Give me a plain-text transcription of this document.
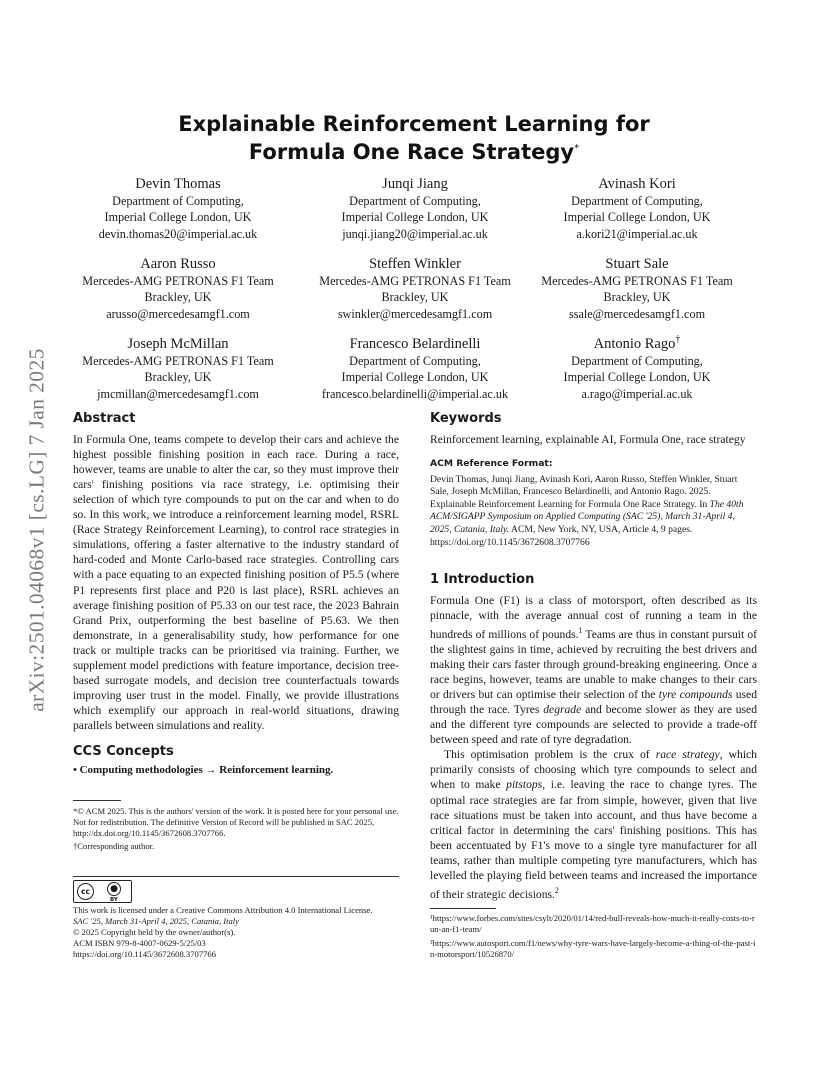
arXiv:2501.04068v1 [cs.LG] 7 Jan 2025
Explainable Reinforcement Learning for
Formula One Race Strategy*
Devin Thomas
Department of Computing,
Imperial College London, UK
devin.thomas20@imperial.ac.uk
Junqi Jiang
Department of Computing,
Imperial College London, UK
junqi.jiang20@imperial.ac.uk
Avinash Kori
Department of Computing,
Imperial College London, UK
a.kori21@imperial.ac.uk
Aaron Russo
Mercedes-AMG PETRONAS F1 Team
Brackley, UK
arusso@mercedesamgf1.com
Steffen Winkler
Mercedes-AMG PETRONAS F1 Team
Brackley, UK
swinkler@mercedesamgf1.com
Stuart Sale
Mercedes-AMG PETRONAS F1 Team
Brackley, UK
ssale@mercedesamgf1.com
Joseph McMillan
Mercedes-AMG PETRONAS F1 Team
Brackley, UK
jmcmillan@mercedesamgf1.com
Francesco Belardinelli
Department of Computing,
Imperial College London, UK
francesco.belardinelli@imperial.ac.uk
Antonio Rago†
Department of Computing,
Imperial College London, UK
a.rago@imperial.ac.uk
Abstract

In Formula One, teams compete to develop their cars and achieve the highest possible finishing position in each race. During a race, however, teams are unable to alter the car, so they must improve their cars' finishing positions via race strategy, i.e. optimising their selection of which tyre compounds to put on the car and when to do so. In this work, we introduce a reinforcement learning model, RSRL (Race Strategy Reinforcement Learning), to control race strategies in simulations, offering a faster alternative to the industry standard of hard-coded and Monte Carlo-based race strategies. Controlling cars with a pace equating to an expected finishing position of P5.5 (where P1 represents first place and P20 is last place), RSRL achieves an average finishing position of P5.33 on our test race, the 2023 Bahrain Grand Prix, outperforming the best baseline of P5.63. We then demonstrate, in a generalisability study, how performance for one track or multiple tracks can be prioritised via training. Further, we supplement model predictions with feature importance, decision tree-based surrogate models, and decision tree counterfactuals towards improving user trust in the model. Finally, we provide illustrations which exemplify our approach in real-world situations, drawing parallels between simulations and reality.

CCS Concepts

• Computing methodologies → Reinforcement learning.

*© ACM 2025. This is the authors' version of the work. It is posted here for your personal use. Not for redistribution. The definitive Version of Record will be published in SAC 2025, http://dx.doi.org/10.1145/3672608.3707766.

†Corresponding author.

cc	●
BY

This work is licensed under a Creative Commons Attribution 4.0 International License.

SAC '25, March 31-April 4, 2025, Catania, Italy

© 2025 Copyright held by the owner/author(s).

ACM ISBN 979-8-4007-0629-5/25/03

https://doi.org/10.1145/3672608.3707766

Keywords

Reinforcement learning, explainable AI, Formula One, race strategy

ACM Reference Format:

Devin Thomas, Junqi Jiang, Avinash Kori, Aaron Russo, Steffen Winkler, Stuart Sale, Joseph McMillan, Francesco Belardinelli, and Antonio Rago. 2025. Explainable Reinforcement Learning for Formula One Race Strategy. In The 40th ACM/SIGAPP Symposium on Applied Computing (SAC '25), March 31-April 4, 2025, Catania, Italy. ACM, New York, NY, USA, Article 4, 9 pages. https://doi.org/10.1145/3672608.3707766

1 Introduction

Formula One (F1) is a class of motorsport, often described as its pinnacle, with the average annual cost of running a team in the hundreds of millions of pounds.$^1$ Teams are thus in constant pursuit of the slightest gains in time, achieved by recruiting the best drivers and making their cars faster through ground-breaking engineering. Once a race begins, however, teams are unable to make changes to their cars or drivers but can optimise their selection of the tyre compounds used through the race. Tyres degrade and become slower as they are used and the different tyre compounds are selected to provide a trade-off between speed and rate of tyre degradation.

This optimisation problem is the crux of race strategy, which primarily consists of choosing which tyre compounds to select and when to make pitstops, i.e. leaving the race to change tyres. The optimal race strategies are far from simple, however, given that live race situations must be taken into account, and thus have become a critical factor in determining the cars' finishing positions. This has been accentuated by F1's move to a single tyre manufacturer for all teams, rather than multiple competing tyre manufacturers, which has levelled the playing field between teams and increased the importance of their strategic decisions.$^2$

¹https://www.forbes.com/sites/csylt/2020/01/14/red-bull-reveals-how-much-it-really-costs-to-run-an-f1-team/

²https://www.autosport.com/f1/news/why-tyre-wars-have-largely-become-a-thing-of-the-past-in-motorsport/10526870/
